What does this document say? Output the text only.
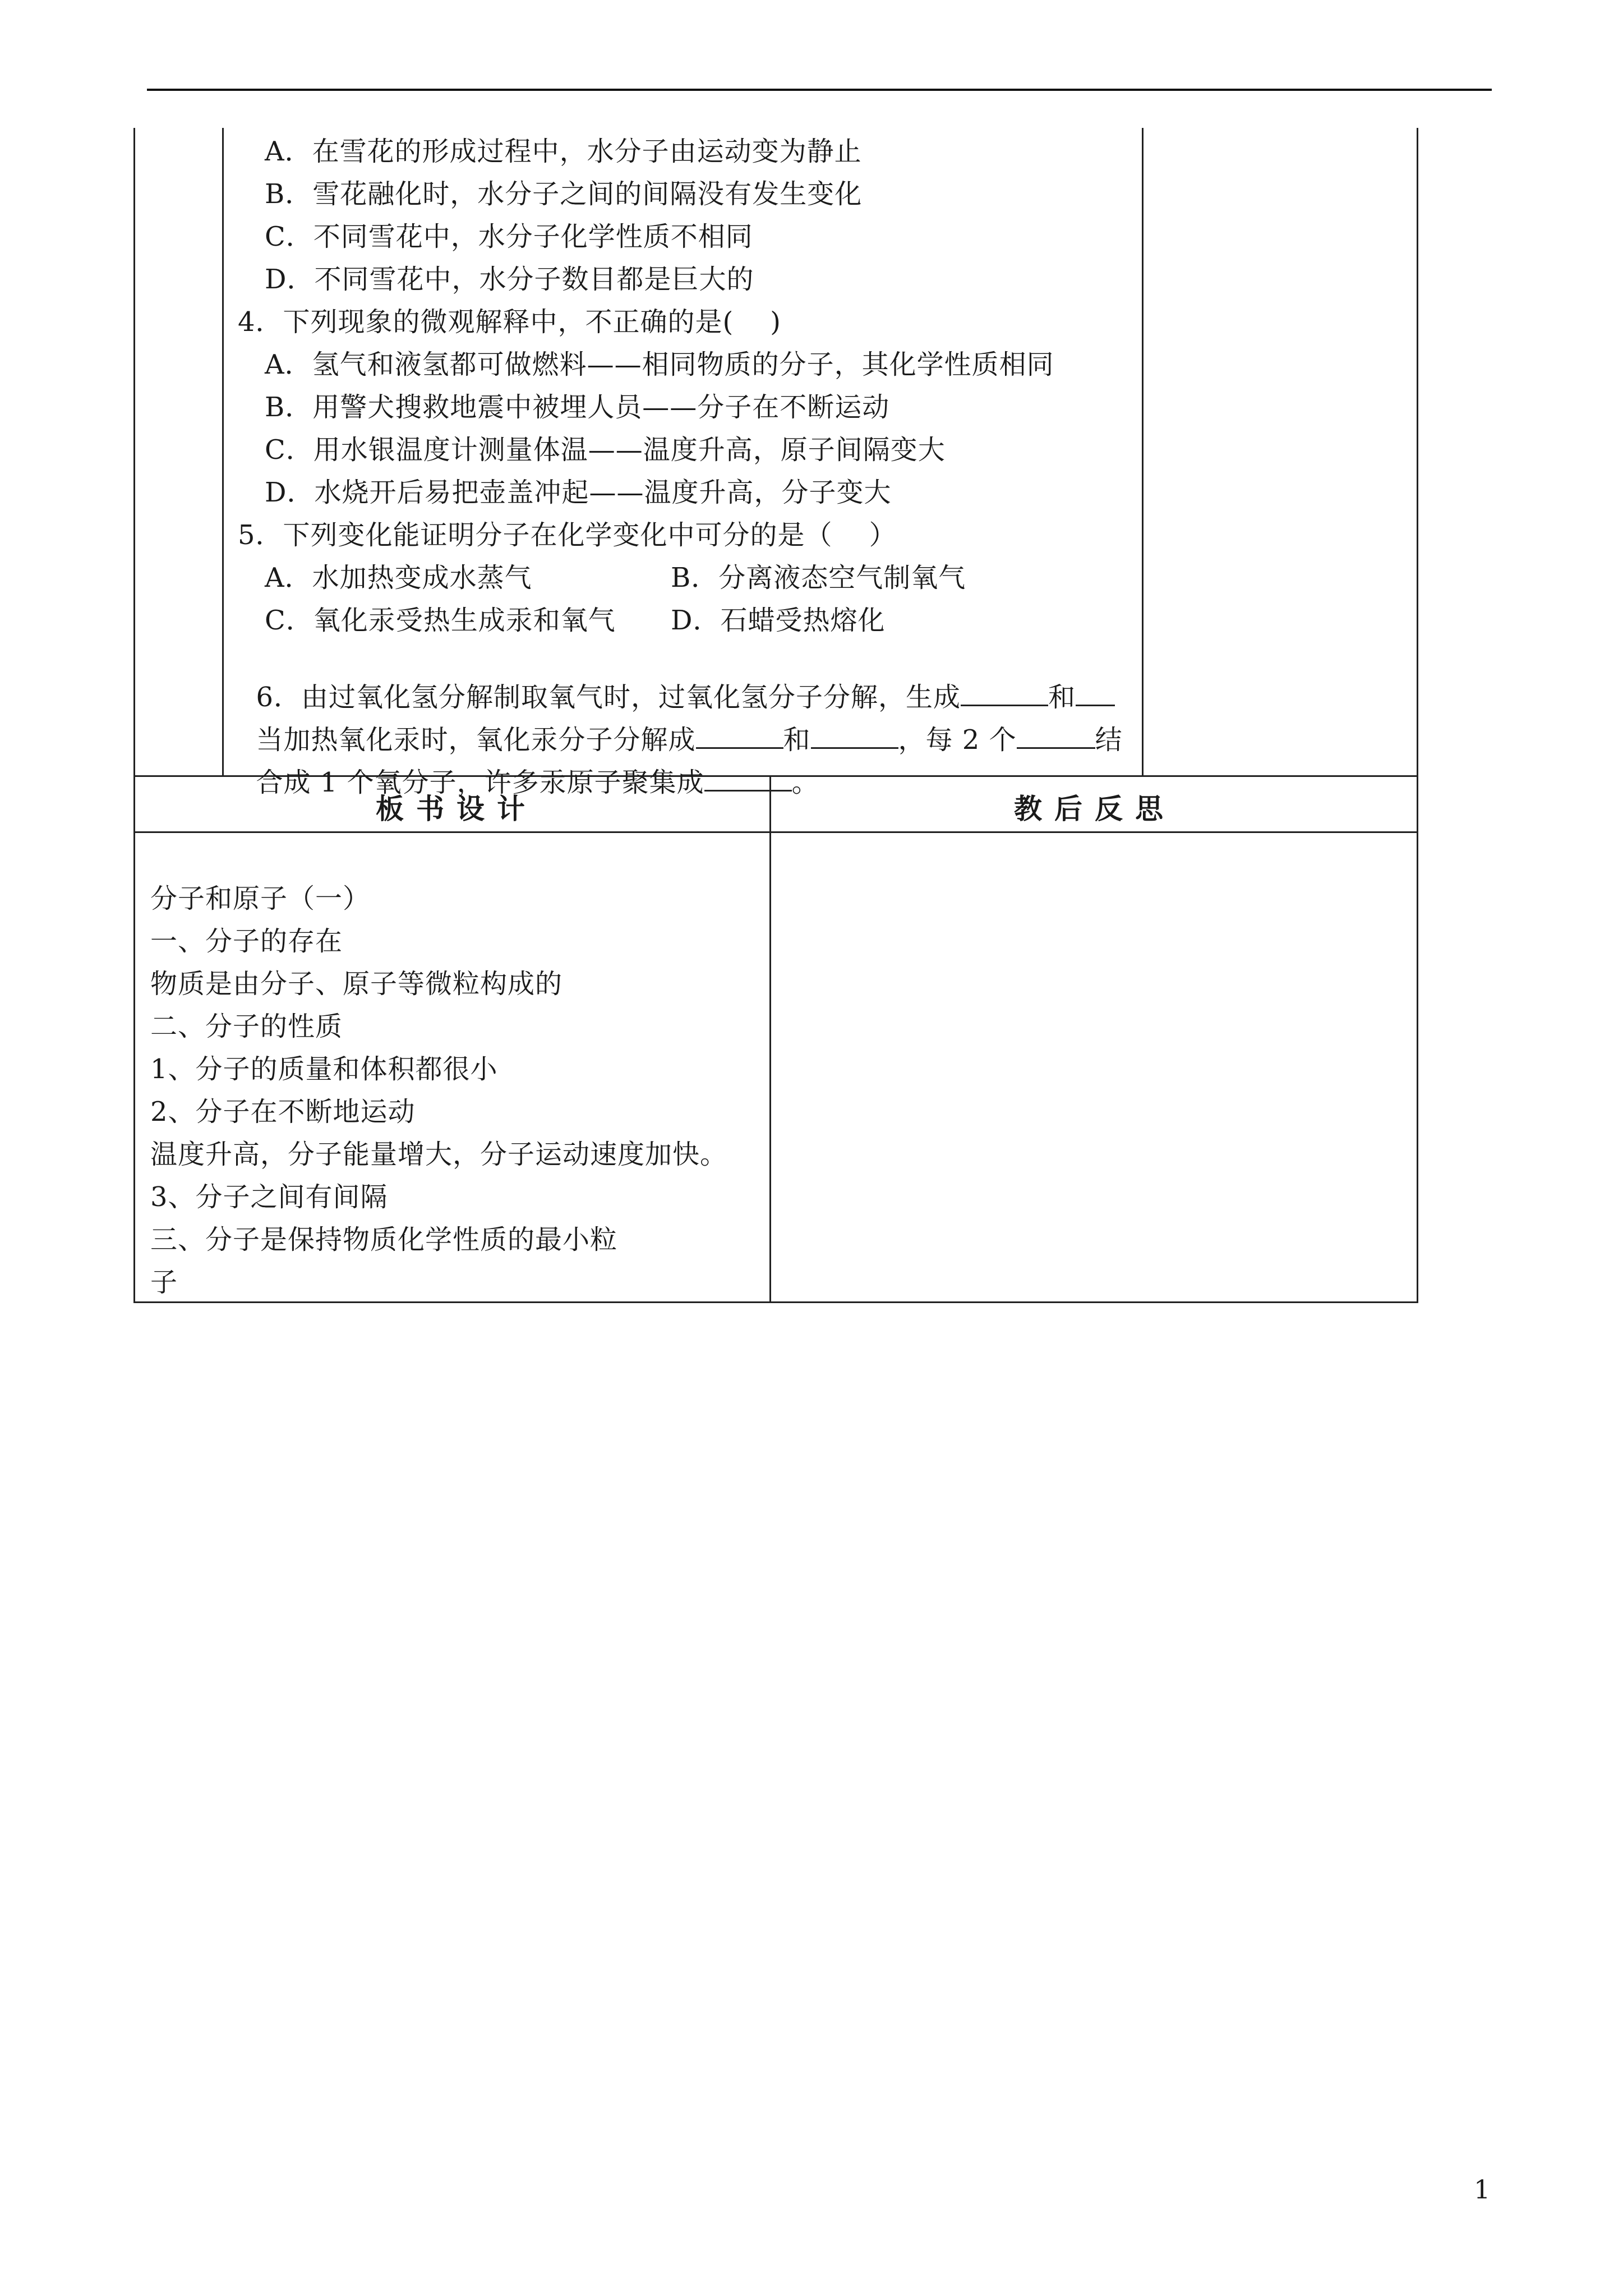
A．在雪花的形成过程中，水分子由运动变为静止
B．雪花融化时，水分子之间的间隔没有发生变化
C．不同雪花中，水分子化学性质不相同
D．不同雪花中，水分子数目都是巨大的
4．下列现象的微观解释中，不正确的是(    )
A．氢气和液氢都可做燃料——相同物质的分子，其化学性质相同
B．用警犬搜救地震中被埋人员——分子在不断运动
C．用水银温度计测量体温——温度升高，原子间隔变大
D．水烧开后易把壶盖冲起——温度升高，分子变大
5．下列变化能证明分子在化学变化中可分的是（    ）
A．水加热变成水蒸气	B．分离液态空气制氧气
C．氧化汞受热生成汞和氧气 D．石蜡受热熔化

6．由过氧化氢分解制取氧气时，过氧化氢分子分解，生成	和

当加热氧化汞时，氧化汞分子分解成	和	，每 2 个	结

合成 1 个氧分子，许多汞原子聚集成	。

板书设计	教后反思
分子和原子（一）
一、分子的存在
物质是由分子、原子等微粒构成的
二、分子的性质
1、分子的质量和体积都很小
2、分子在不断地运动
温度升高，分子能量增大，分子运动速度加快。
3、分子之间有间隔
三、分子是保持物质化学性质的最小粒
子
1
